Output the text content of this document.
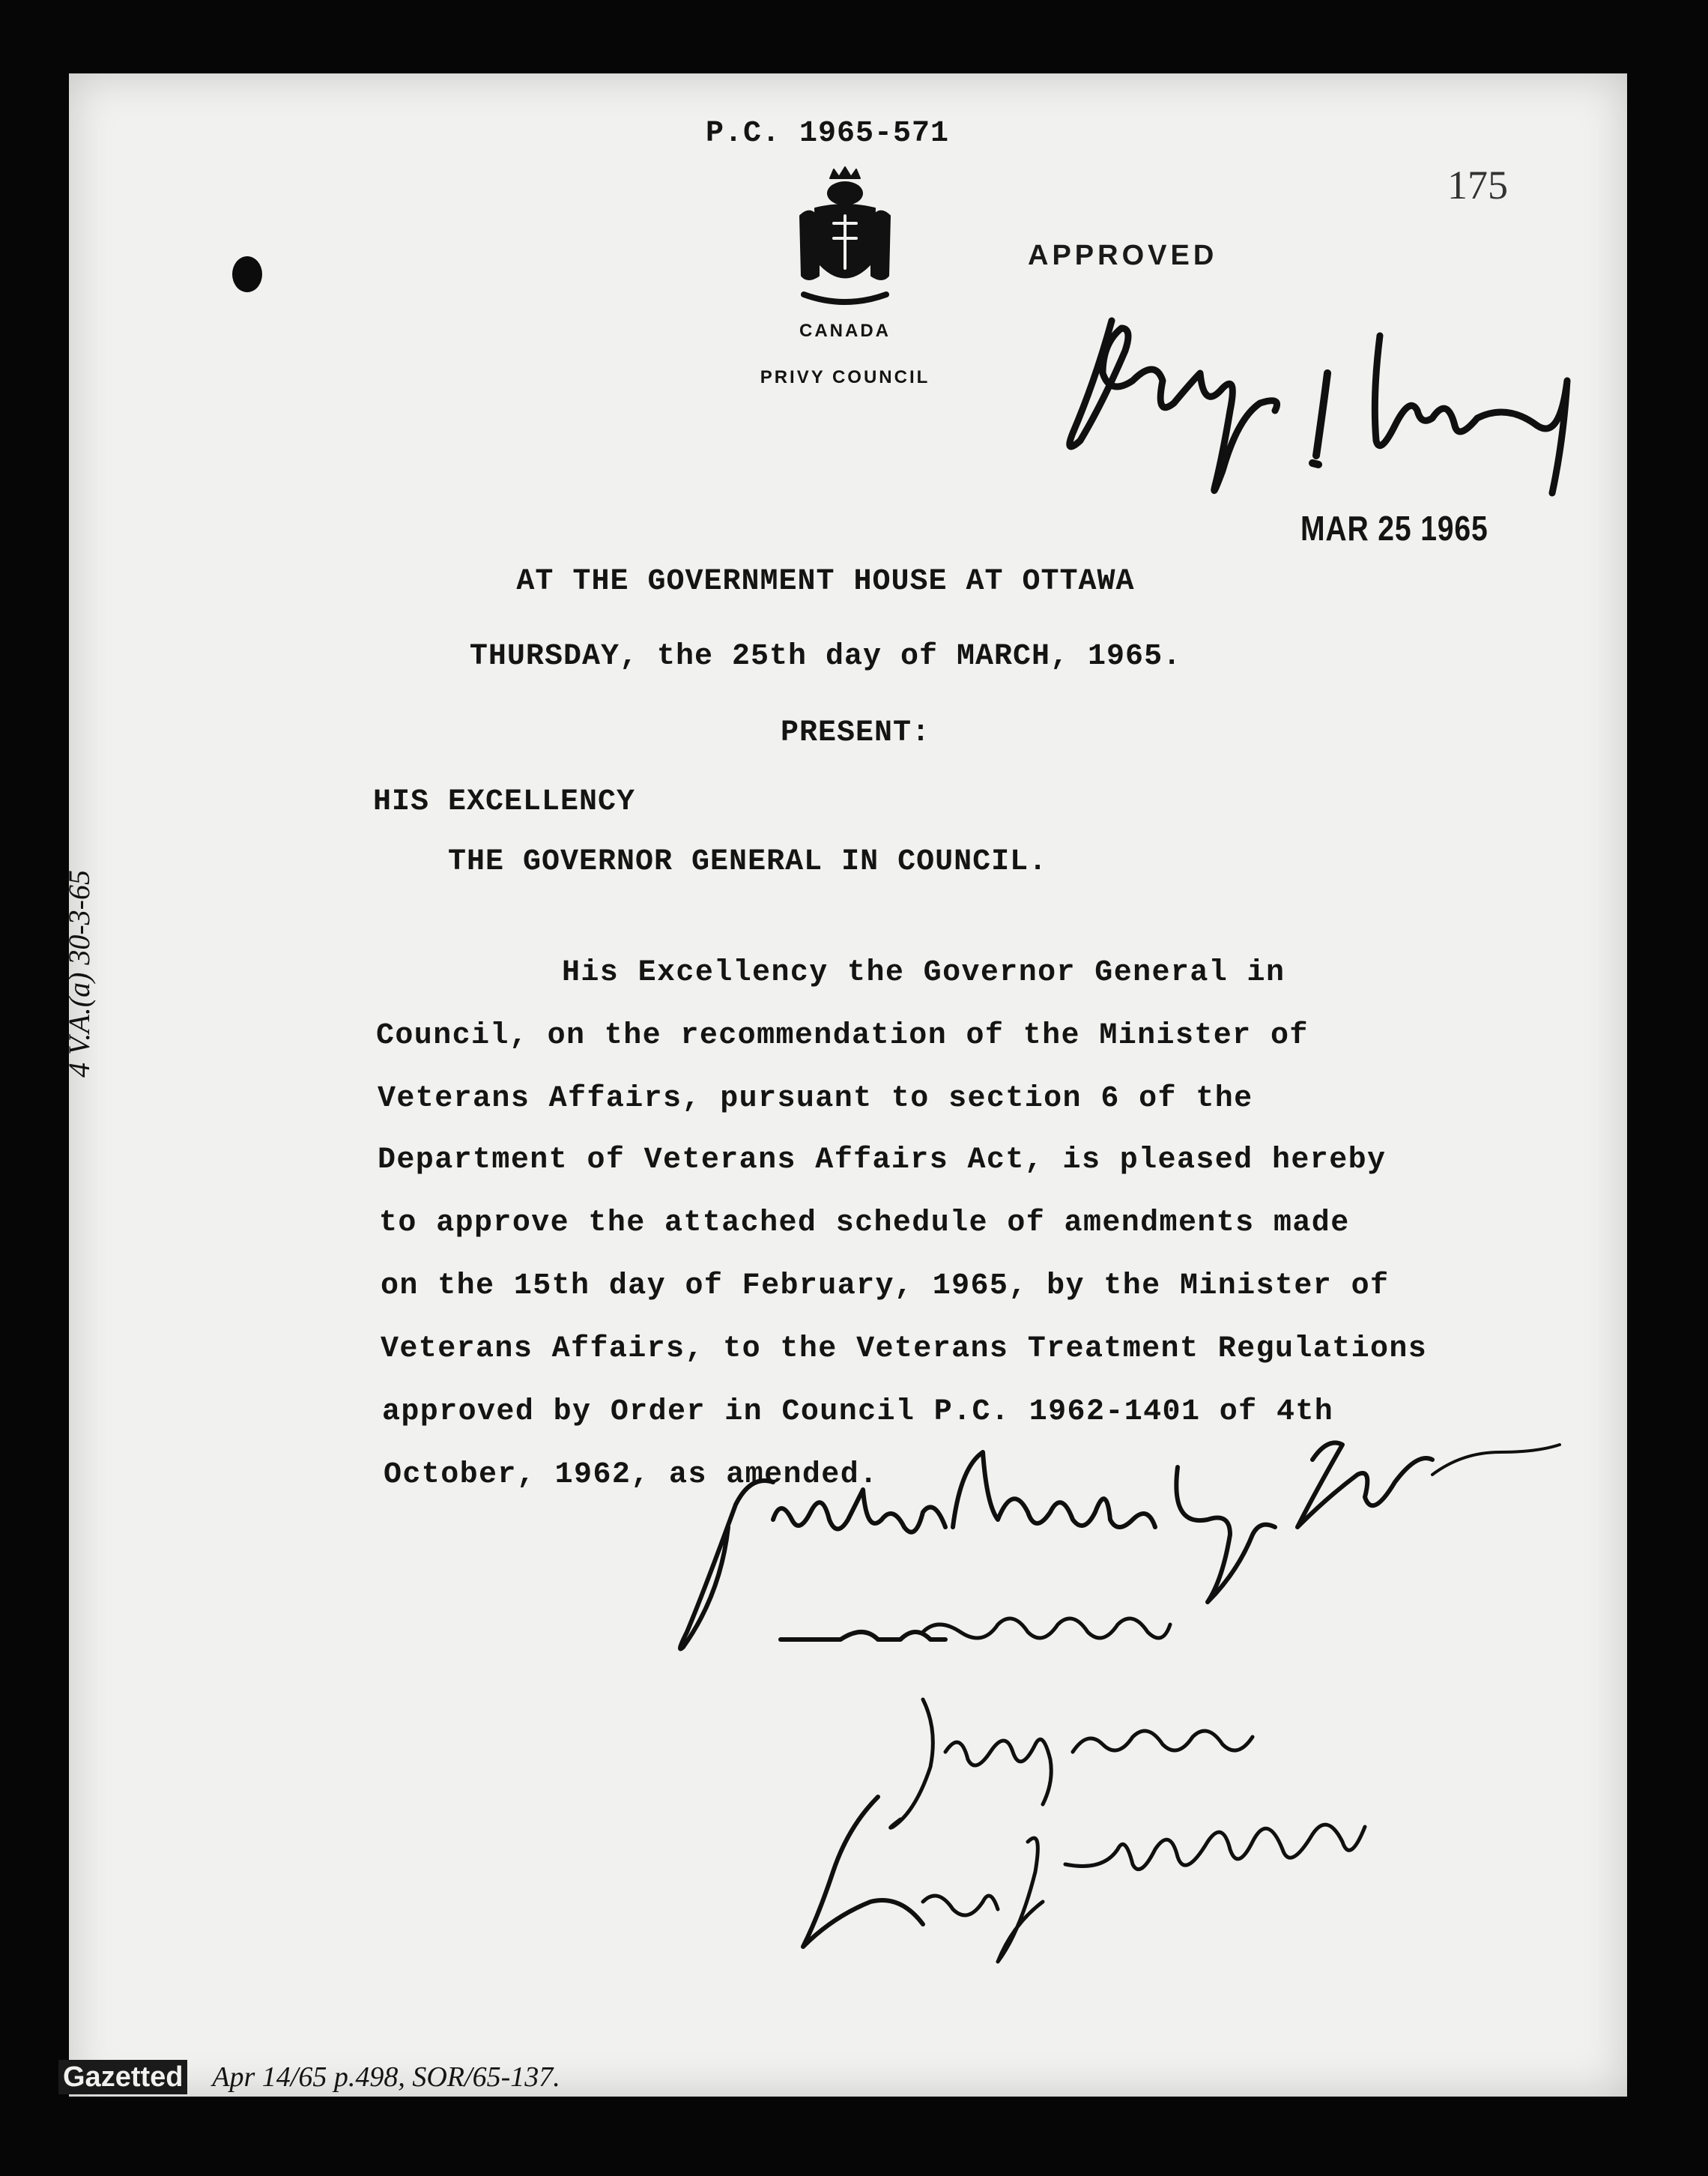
P.C. 1965-571
175
CANADA
PRIVY COUNCIL
APPROVED
MAR 25 1965
AT THE GOVERNMENT HOUSE AT OTTAWA
THURSDAY, the 25th day of MARCH, 1965.
PRESENT:
HIS EXCELLENCY
THE GOVERNOR GENERAL IN COUNCIL.
His Excellency the Governor General in
Council, on the recommendation of the Minister of
Veterans Affairs, pursuant to section 6 of the
Department of Veterans Affairs Act, is pleased hereby
to approve the attached schedule of amendments made
on the 15th day of February, 1965, by the Minister of
Veterans Affairs, to the Veterans Treatment Regulations
approved by Order in Council P.C. 1962-1401 of 4th
October, 1962, as amended.
4 V.A.(a) 30-3-65
Gazetted Apr 14/65 p.498, SOR/65-137.
